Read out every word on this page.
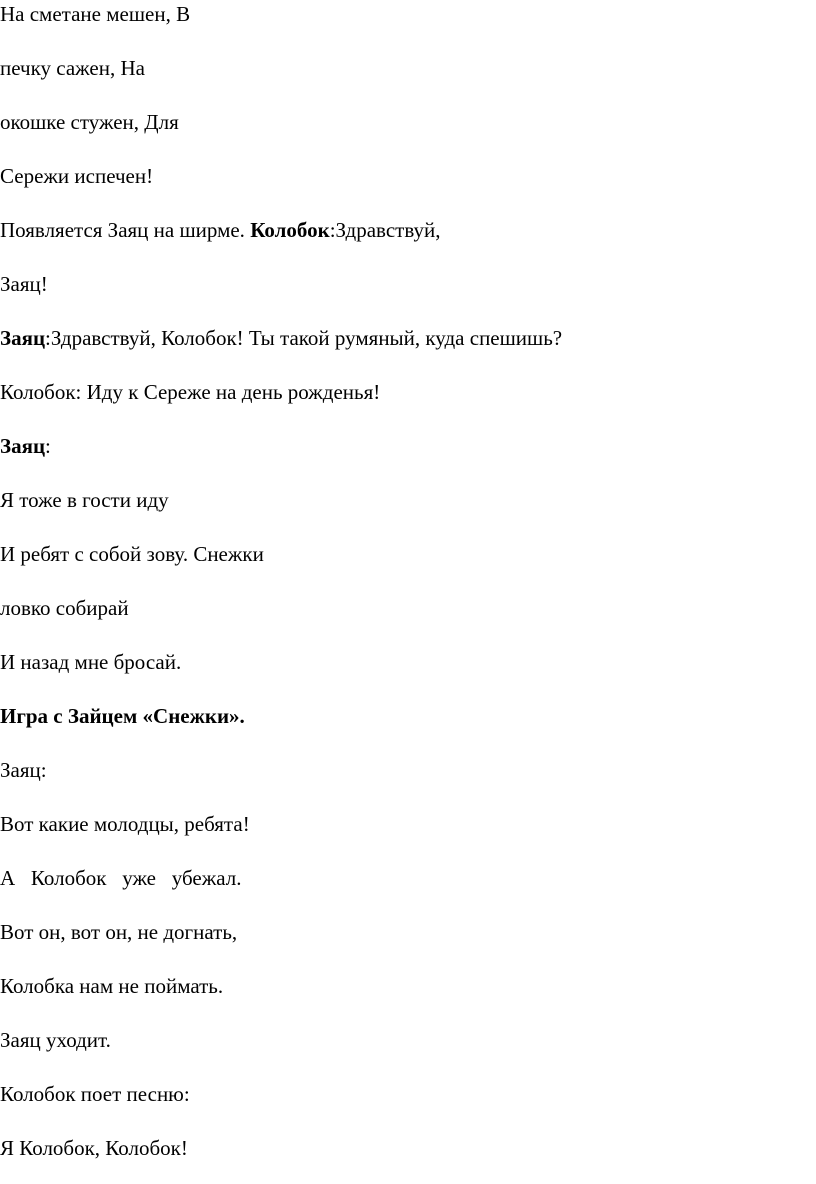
На сметане мешен, В

печку сажен, На

окошке стужен, Для

Сережи испечен!

Появляется Заяц на ширме. Колобок:Здравствуй,

Заяц!

Заяц:Здравствуй, Колобок! Ты такой румяный, куда спешишь?

Колобок: Иду к Сереже на день рожденья!

Заяц:

Я тоже в гости иду

И ребят с собой зову. Снежки

ловко собирай

И назад мне бросай.

Игра с Зайцем «Снежки».

Заяц:

Вот какие молодцы, ребята!

А   Колобок   уже   убежал.

Вот он, вот он, не догнать,

Колобка нам не поймать.

Заяц уходит.

Колобок поет песню:

Я Колобок, Колобок!
